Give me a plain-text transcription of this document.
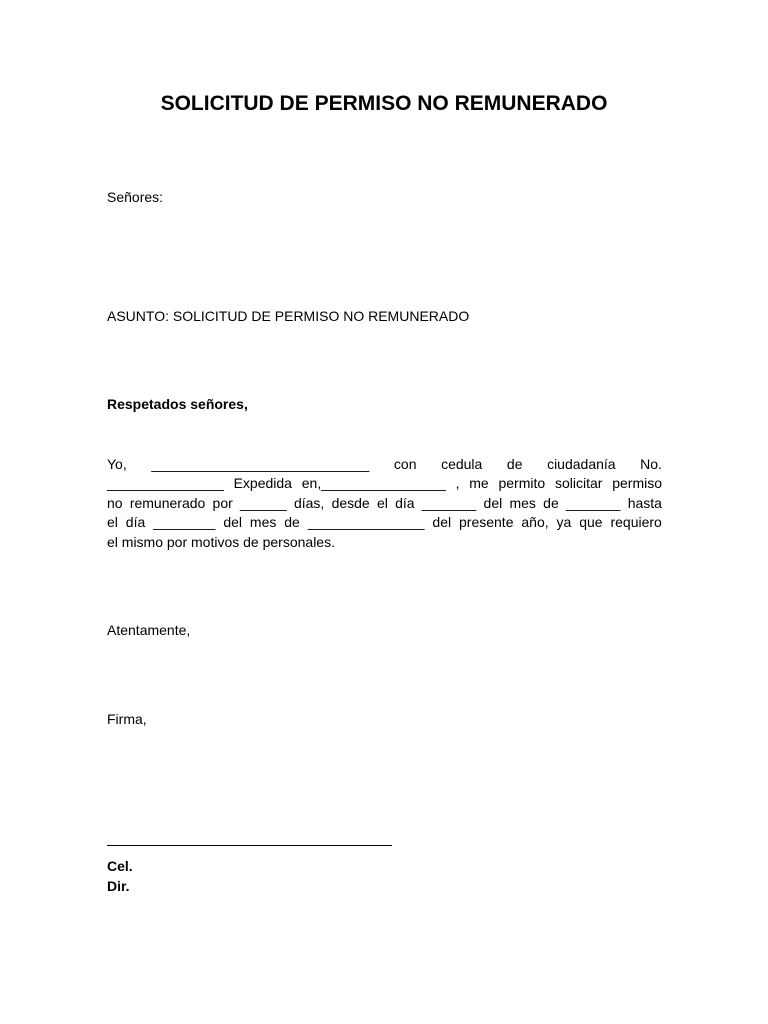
SOLICITUD DE PERMISO NO REMUNERADO
Señores:
ASUNTO: SOLICITUD DE PERMISO NO REMUNERADO
Respetados señores,
Yo, ____________________________ con cedula de ciudadanía No.
_______________ Expedida en,________________ , me permito solicitar permiso
no remunerado por ______ días, desde el día _______ del mes de _______ hasta
el día ________ del mes de _______________ del presente año, ya que requiero
el mismo por motivos de personales.
Atentamente,
Firma,
Cel.
Dir.
